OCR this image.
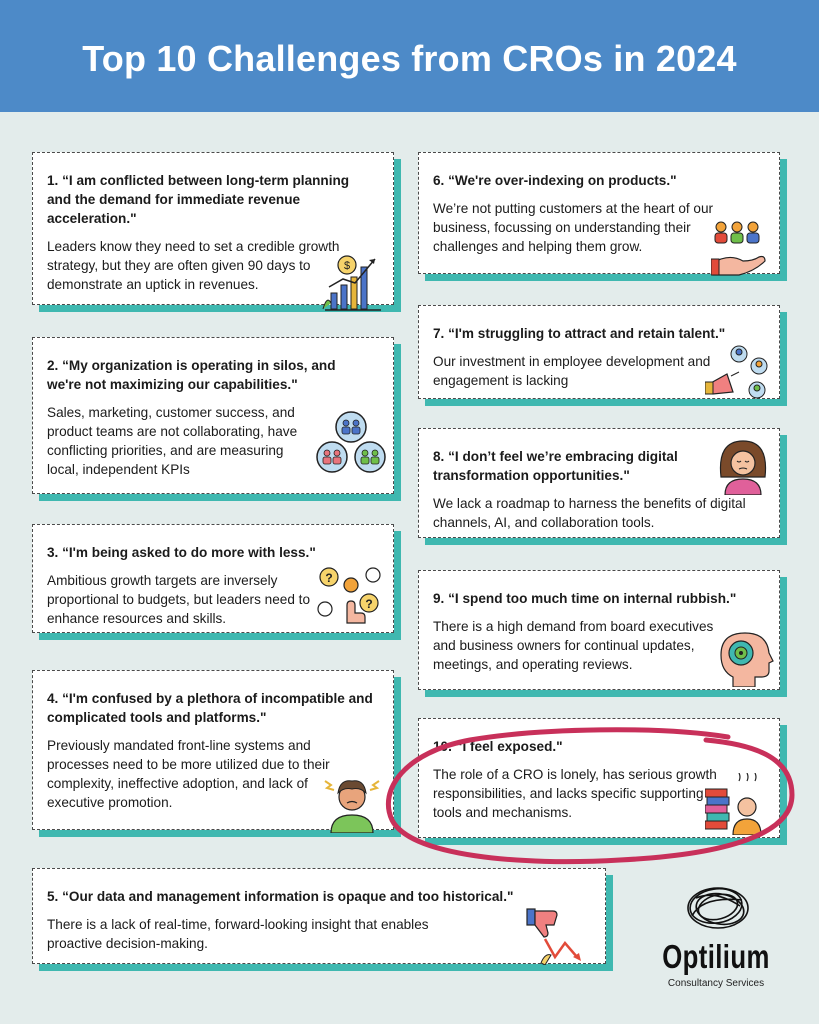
Top 10 Challenges from CROs in 2024
1. “I am conflicted between long-term planning and the demand for immediate revenue acceleration."

Leaders know they need to set a credible growth strategy, but they are often given 90 days to demonstrate an uptick in revenues.

$
2. “My organization is operating in silos, and we're not maximizing our capabilities."

Sales, marketing, customer success, and product teams are not collaborating, have conflicting priorities, and are measuring local, independent KPIs

3. “I'm being asked to do more with less."

Ambitious growth targets are inversely proportional to budgets, but leaders need to enhance resources and skills.

?
?
4. “I'm confused by a plethora of incompatible and complicated tools and platforms."

Previously mandated front-line systems and processes need to be more utilized due to their complexity, ineffective adoption, and lack of executive promotion.

5. “Our data and management information is opaque and too historical."

There is a lack of real-time, forward-looking insight that enables proactive decision-making.

6. “We're over-indexing on products."

We’re not putting customers at the heart of our business, focussing on understanding their challenges and helping them grow.

7. “I'm struggling to attract and retain talent."

Our investment in employee development and engagement is lacking

8. “I don’t feel we’re embracing digital transformation opportunities."

We lack a roadmap to harness the benefits of digital channels, AI, and collaboration tools.

9. “I spend too much time on internal rubbish."

There is a high demand from board executives and business owners for continual updates, meetings, and operating reviews.

10. “I feel exposed."

The role of a CRO is lonely, has serious growth responsibilities, and lacks specific supporting tools and mechanisms.

Optilium
Consultancy Services
